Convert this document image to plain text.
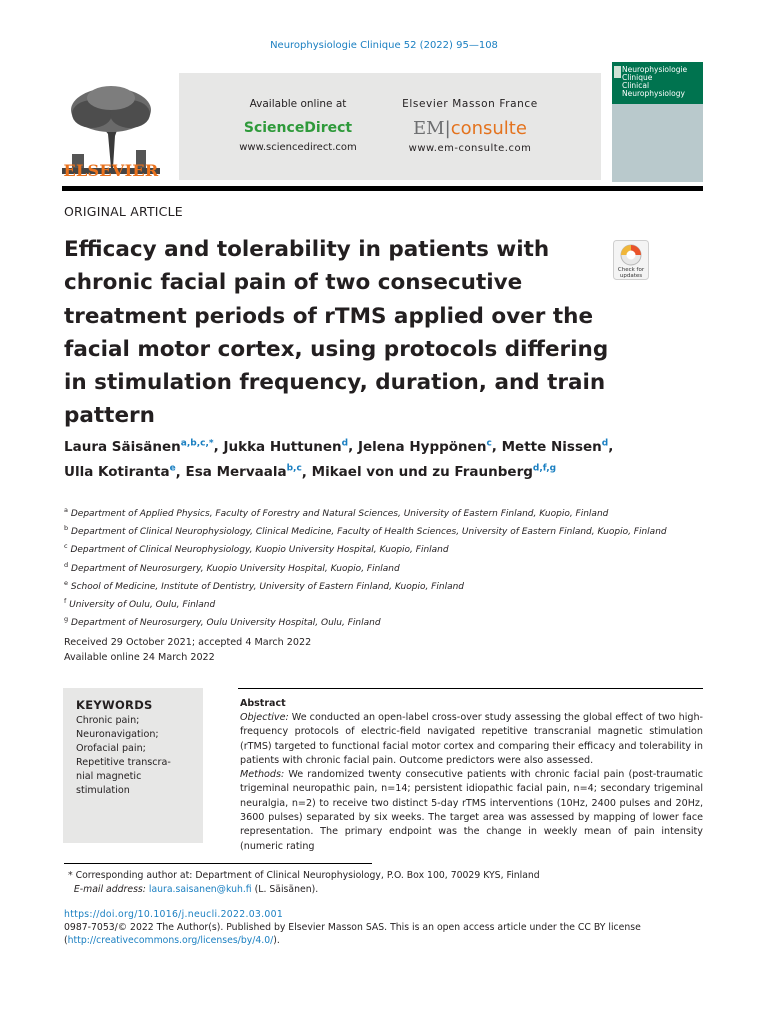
Neurophysiologie Clinique 52 (2022) 95—108
ELSEVIER
Available online at
ScienceDirect
www.sciencedirect.com
Elsevier Masson France
EM|consulte
www.em-consulte.com
Neurophysiologie
Clinique
Clinical
Neurophysiology
ORIGINAL ARTICLE
Efficacy and tolerability in patients with chronic facial pain of two consecutive treatment periods of rTMS applied over the facial motor cortex, using protocols differing in stimulation frequency, duration, and train pattern
Check for
updates
Laura Säisänen$^{a,b,c,*}$, Jukka Huttunen$^d$, Jelena Hyppönen$^c$, Mette Nissen$^d$,
Ulla Kotiranta$^e$, Esa Mervaala$^{b,c}$, Mikael von und zu Fraunberg$^{d,f,g}$
$^a$ Department of Applied Physics, Faculty of Forestry and Natural Sciences, University of Eastern Finland, Kuopio, Finland
$^b$ Department of Clinical Neurophysiology, Clinical Medicine, Faculty of Health Sciences, University of Eastern Finland, Kuopio, Finland
$^c$ Department of Clinical Neurophysiology, Kuopio University Hospital, Kuopio, Finland
$^d$ Department of Neurosurgery, Kuopio University Hospital, Kuopio, Finland
$^e$ School of Medicine, Institute of Dentistry, University of Eastern Finland, Kuopio, Finland
$^f$ University of Oulu, Oulu, Finland
$^g$ Department of Neurosurgery, Oulu University Hospital, Oulu, Finland
Received 29 October 2021; accepted 4 March 2022
Available online 24 March 2022
KEYWORDS
Chronic pain;
Neuronavigation;
Orofacial pain;
Repetitive transcra-
nial magnetic
stimulation
Abstract
Objective: We conducted an open-label cross-over study assessing the global effect of two high-frequency protocols of electric-field navigated repetitive transcranial magnetic stimulation (rTMS) targeted to functional facial motor cortex and comparing their efficacy and tolerability in patients with chronic facial pain. Outcome predictors were also assessed.
Methods: We randomized twenty consecutive patients with chronic facial pain (post-traumatic trigeminal neuropathic pain, n=14; persistent idiopathic facial pain, n=4; secondary trigeminal neuralgia, n=2) to receive two distinct 5-day rTMS interventions (10Hz, 2400 pulses and 20Hz, 3600 pulses) separated by six weeks. The target area was assessed by mapping of lower face representation. The primary endpoint was the change in weekly mean of pain intensity (numeric rating
* Corresponding author at: Department of Clinical Neurophysiology, P.O. Box 100, 70029 KYS, Finland
E-mail address: laura.saisanen@kuh.fi (L. Säisänen).
https://doi.org/10.1016/j.neucli.2022.03.001
0987-7053/© 2022 The Author(s). Published by Elsevier Masson SAS. This is an open access article under the CC BY license
(http://creativecommons.org/licenses/by/4.0/).
